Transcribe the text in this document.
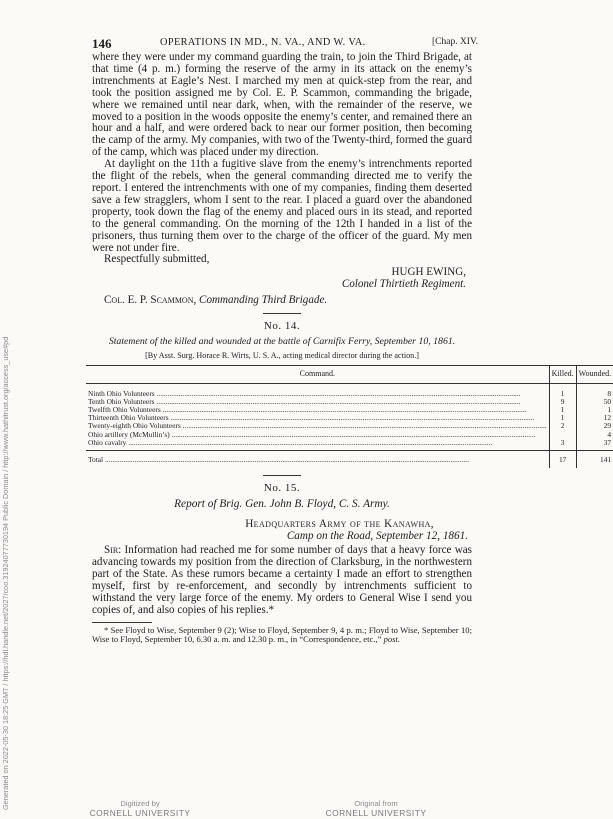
146	OPERATIONS IN MD., N. VA., AND W. VA.	[Chap. XIV.

where they were under my command guarding the train, to join the Third Brigade, at that time (4 p. m.) forming the reserve of the army in its attack on the enemy’s intrenchments at Eagle’s Nest. I marched my men at quick-step from the rear, and took the position assigned me by Col. E. P. Scammon, commanding the brigade, where we remained until near dark, when, with the remainder of the reserve, we moved to a position in the woods opposite the enemy’s center, and remained there an hour and a half, and were ordered back to near our former position, then becoming the camp of the army. My companies, with two of the Twenty-third, formed the guard of the camp, which was placed under my direction.

At daylight on the 11th a fugitive slave from the enemy’s intrenchments reported the flight of the rebels, when the general commanding directed me to verify the report. I entered the intrenchments with one of my companies, finding them deserted save a few stragglers, whom I sent to the rear. I placed a guard over the abandoned property, took down the flag of the enemy and placed ours in its stead, and reported to the general commanding. On the morning of the 12th I handed in a list of the prisoners, thus turning them over to the charge of the officer of the guard. My men were not under fire.

Respectfully submitted,

HUGH EWING,
Colonel Thirtieth Regiment.
Col. E. P. Scammon, Commanding Third Brigade.
No. 14.
Statement of the killed and wounded at the battle of Carnifix Ferry, September 10, 1861.
[By Asst. Surg. Horace R. Wirts, U. S. A., acting medical director during the action.]
Command.	Killed.	Wounded.

Ninth Ohio Volunteers .....	1	8

Tenth Ohio Volunteers .....	9	50

Twelfth Ohio Volunteers .....	1	1

Thirteenth Ohio Volunteers .....	1	12

Twenty-eighth Ohio Volunteers .....	2	29

Ohio artillery (McMullin’s) .....		4

Ohio cavalry .....	3	37

Total .....	17	141
No. 15.
Report of Brig. Gen. John B. Floyd, C. S. Army.
Headquarters Army of the Kanawha,
Camp on the Road, September 12, 1861.

Sir: Information had reached me for some number of days that a heavy force was advancing towards my position from the direction of Clarksburg, in the northwestern part of the State. As these rumors became a certainty I made an effort to strengthen myself, first by re-enforcement, and secondly by intrenchments sufficient to withstand the very large force of the enemy. My orders to General Wise I send you copies of, and also copies of his replies.*

* See Floyd to Wise, September 9 (2); Wise to Floyd, September 9, 4 p. m.; Floyd to Wise, September 10; Wise to Floyd, September 10, 6.30 a. m. and 12.30 p. m., in “Correspondence, etc.,” post.

Generated on 2022-05-30 18:25 GMT / https://hdl.handle.net/2027/coo.31924077730194 Public Domain / http://www.hathitrust.org/access_use#pd	Digitized by
CORNELL UNIVERSITY
Original from
CORNELL UNIVERSITY
